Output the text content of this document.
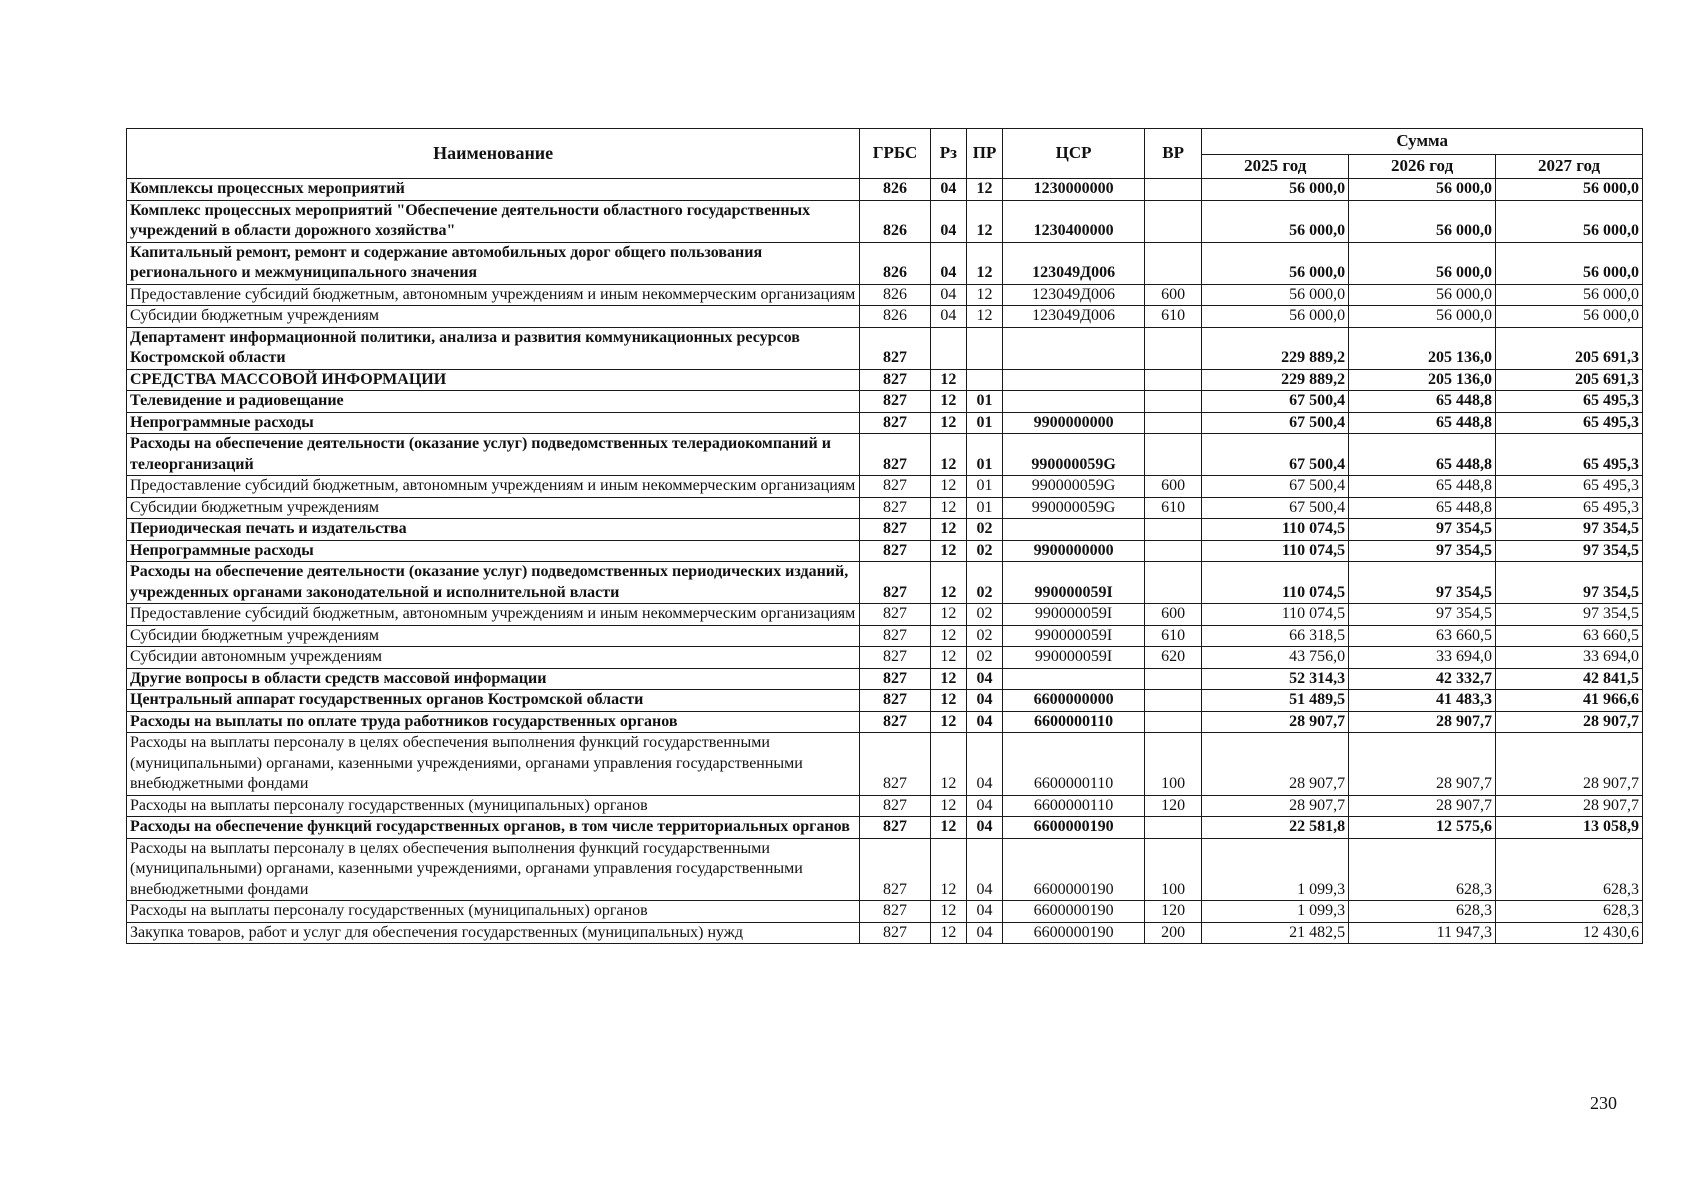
Наименование	ГРБС	Рз	ПР	ЦСР	ВР	Сумма		
						2025 год	2026 год	2027 год
Комплексы процессных мероприятий	826	04	12	1230000000		56 000,0	56 000,0	56 000,0
Комплекс процессных мероприятий "Обеспечение деятельности областного государственных учреждений в области дорожного хозяйства"	826	04	12	1230400000		56 000,0	56 000,0	56 000,0
Капитальный ремонт, ремонт и содержание автомобильных дорог общего пользования регионального и межмуниципального значения	826	04	12	123049Д006		56 000,0	56 000,0	56 000,0
Предоставление субсидий бюджетным, автономным учреждениям и иным некоммерческим организациям	826	04	12	123049Д006	600	56 000,0	56 000,0	56 000,0
Субсидии бюджетным учреждениям	826	04	12	123049Д006	610	56 000,0	56 000,0	56 000,0
Департамент информационной политики, анализа и развития коммуникационных ресурсов Костромской области	827					229 889,2	205 136,0	205 691,3
СРЕДСТВА МАССОВОЙ ИНФОРМАЦИИ	827	12				229 889,2	205 136,0	205 691,3
Телевидение и радиовещание	827	12	01			67 500,4	65 448,8	65 495,3
Непрограммные расходы	827	12	01	9900000000		67 500,4	65 448,8	65 495,3
Расходы на обеспечение деятельности (оказание услуг) подведомственных телерадиокомпаний и телеорганизаций	827	12	01	990000059G		67 500,4	65 448,8	65 495,3
Предоставление субсидий бюджетным, автономным учреждениям и иным некоммерческим организациям	827	12	01	990000059G	600	67 500,4	65 448,8	65 495,3
Субсидии бюджетным учреждениям	827	12	01	990000059G	610	67 500,4	65 448,8	65 495,3
Периодическая печать и издательства	827	12	02			110 074,5	97 354,5	97 354,5
Непрограммные расходы	827	12	02	9900000000		110 074,5	97 354,5	97 354,5
Расходы на обеспечение деятельности (оказание услуг) подведомственных периодических изданий, учрежденных органами законодательной и исполнительной власти	827	12	02	990000059I		110 074,5	97 354,5	97 354,5
Предоставление субсидий бюджетным, автономным учреждениям и иным некоммерческим организациям	827	12	02	990000059I	600	110 074,5	97 354,5	97 354,5
Субсидии бюджетным учреждениям	827	12	02	990000059I	610	66 318,5	63 660,5	63 660,5
Субсидии автономным учреждениям	827	12	02	990000059I	620	43 756,0	33 694,0	33 694,0
Другие вопросы в области средств массовой информации	827	12	04			52 314,3	42 332,7	42 841,5
Центральный аппарат государственных органов Костромской области	827	12	04	6600000000		51 489,5	41 483,3	41 966,6
Расходы на выплаты по оплате труда работников государственных органов	827	12	04	6600000110		28 907,7	28 907,7	28 907,7
Расходы на выплаты персоналу в целях обеспечения выполнения функций государственными (муниципальными) органами, казенными учреждениями, органами управления государственными внебюджетными фондами	827	12	04	6600000110	100	28 907,7	28 907,7	28 907,7
Расходы на выплаты персоналу государственных (муниципальных) органов	827	12	04	6600000110	120	28 907,7	28 907,7	28 907,7
Расходы на обеспечение функций государственных органов, в том числе территориальных органов	827	12	04	6600000190		22 581,8	12 575,6	13 058,9
Расходы на выплаты персоналу в целях обеспечения выполнения функций государственными (муниципальными) органами, казенными учреждениями, органами управления государственными внебюджетными фондами	827	12	04	6600000190	100	1 099,3	628,3	628,3
Расходы на выплаты персоналу государственных (муниципальных) органов	827	12	04	6600000190	120	1 099,3	628,3	628,3
Закупка товаров, работ и услуг для обеспечения государственных (муниципальных) нужд	827	12	04	6600000190	200	21 482,5	11 947,3	12 430,6
230
